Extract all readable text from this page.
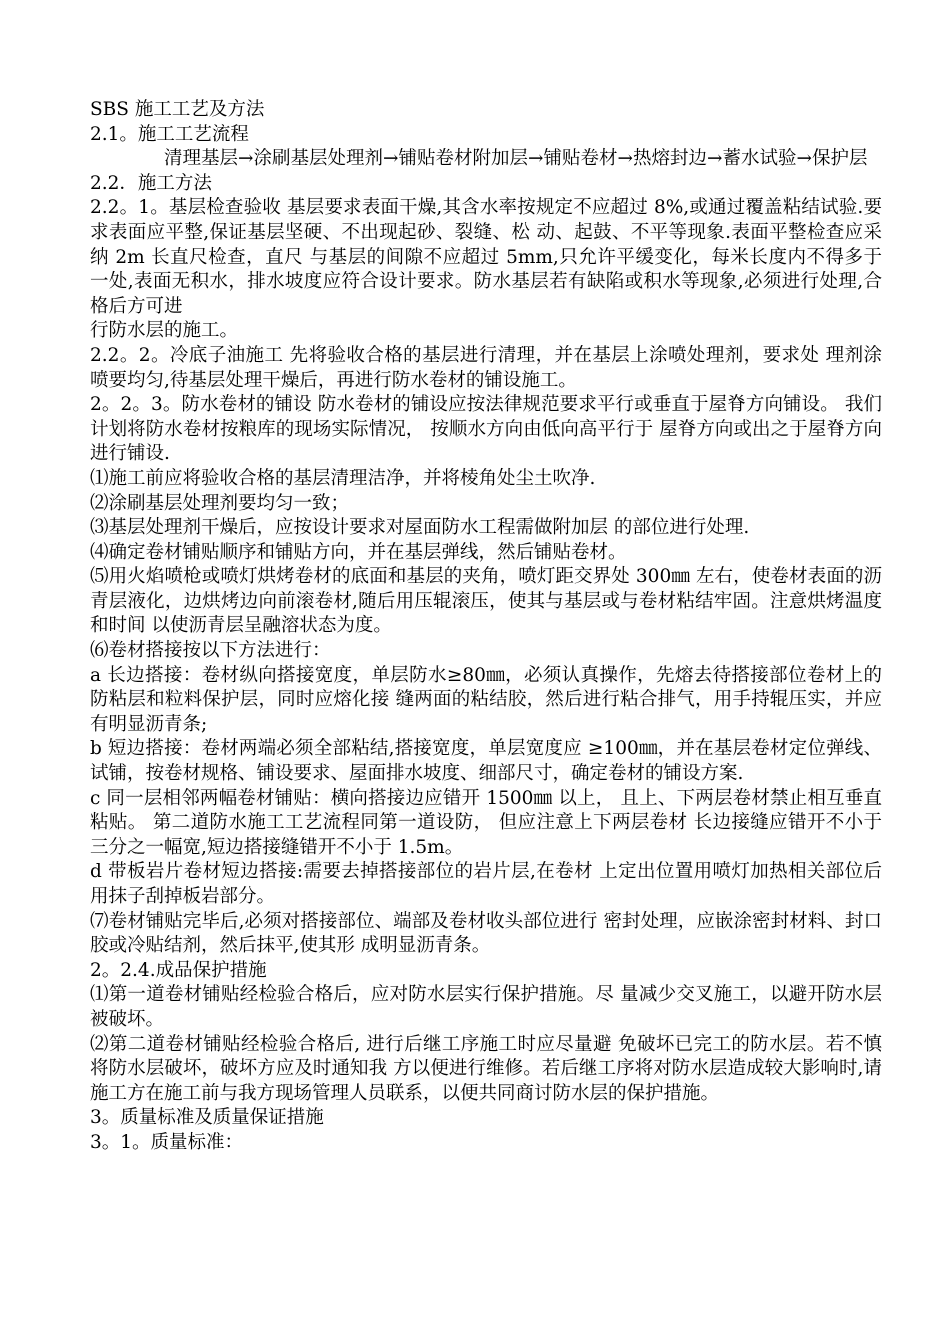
SBS 施工工艺及方法

2.1。施工工艺流程

清理基层→涂刷基层处理剂→铺贴卷材附加层→铺贴卷材→热熔封边→蓄水试验→保护层

2.2．施工方法

2.2。1。基层检查验收 基层要求表面干燥,其含水率按规定不应超过 8%,或通过覆盖粘结试验.要求表面应平整,保证基层坚硬、不出现起砂、裂缝、松 动、起鼓、不平等现象.表面平整检查应采纳 2m 长直尺检查，直尺 与基层的间隙不应超过 5mm,只允许平缓变化，每米长度内不得多于 一处,表面无积水，排水坡度应符合设计要求。防水基层若有缺陷或积水等现象,必须进行处理,合格后方可进

行防水层的施工。

2.2。2。冷底子油施工 先将验收合格的基层进行清理，并在基层上涂喷处理剂，要求处 理剂涂喷要均匀,待基层处理干燥后，再进行防水卷材的铺设施工。

2。2。3。防水卷材的铺设 防水卷材的铺设应按法律规范要求平行或垂直于屋脊方向铺设。 我们 计划将防水卷材按粮库的现场实际情况， 按顺水方向由低向高平行于 屋脊方向或出之于屋脊方向进行铺设.

⑴施工前应将验收合格的基层清理洁净，并将棱角处尘土吹净.

⑵涂刷基层处理剂要均匀一致；

⑶基层处理剂干燥后，应按设计要求对屋面防水工程需做附加层 的部位进行处理.

⑷确定卷材铺贴顺序和铺贴方向，并在基层弹线，然后铺贴卷材。

⑸用火焰喷枪或喷灯烘烤卷材的底面和基层的夹角，喷灯距交界处 300㎜ 左右，使卷材表面的沥青层液化，边烘烤边向前滚卷材,随后用压辊滚压，使其与基层或与卷材粘结牢固。注意烘烤温度和时间 以使沥青层呈融溶状态为度。

⑹卷材搭接按以下方法进行：

a 长边搭接：卷材纵向搭接宽度，单层防水≥80㎜，必须认真操作，先熔去待搭接部位卷材上的防粘层和粒料保护层，同时应熔化接 缝两面的粘结胶，然后进行粘合排气，用手持辊压实，并应有明显沥青条;

b 短边搭接：卷材两端必须全部粘结,搭接宽度，单层宽度应 ≥100㎜，并在基层卷材定位弹线、试铺，按卷材规格、铺设要求、屋面排水坡度、细部尺寸，确定卷材的铺设方案.

c 同一层相邻两幅卷材铺贴：横向搭接边应错开 1500㎜ 以上， 且上、下两层卷材禁止相互垂直粘贴。 第二道防水施工工艺流程同第一道设防， 但应注意上下两层卷材 长边接缝应错开不小于三分之一幅宽,短边搭接缝错开不小于 1.5m。

d 带板岩片卷材短边搭接:需要去掉搭接部位的岩片层,在卷材 上定出位置用喷灯加热相关部位后用抹子刮掉板岩部分。

⑺卷材铺贴完毕后,必须对搭接部位、端部及卷材收头部位进行 密封处理，应嵌涂密封材料、封口胶或冷贴结剂，然后抹平,使其形 成明显沥青条。

2。2.4.成品保护措施

⑴第一道卷材铺贴经检验合格后，应对防水层实行保护措施。尽 量减少交叉施工，以避开防水层被破坏。

⑵第二道卷材铺贴经检验合格后, 进行后继工序施工时应尽量避 免破坏已完工的防水层。若不慎将防水层破坏，破坏方应及时通知我 方以便进行维修。若后继工序将对防水层造成较大影响时,请施工方在施工前与我方现场管理人员联系，以便共同商讨防水层的保护措施。

3。质量标准及质量保证措施

3。1。质量标准：
